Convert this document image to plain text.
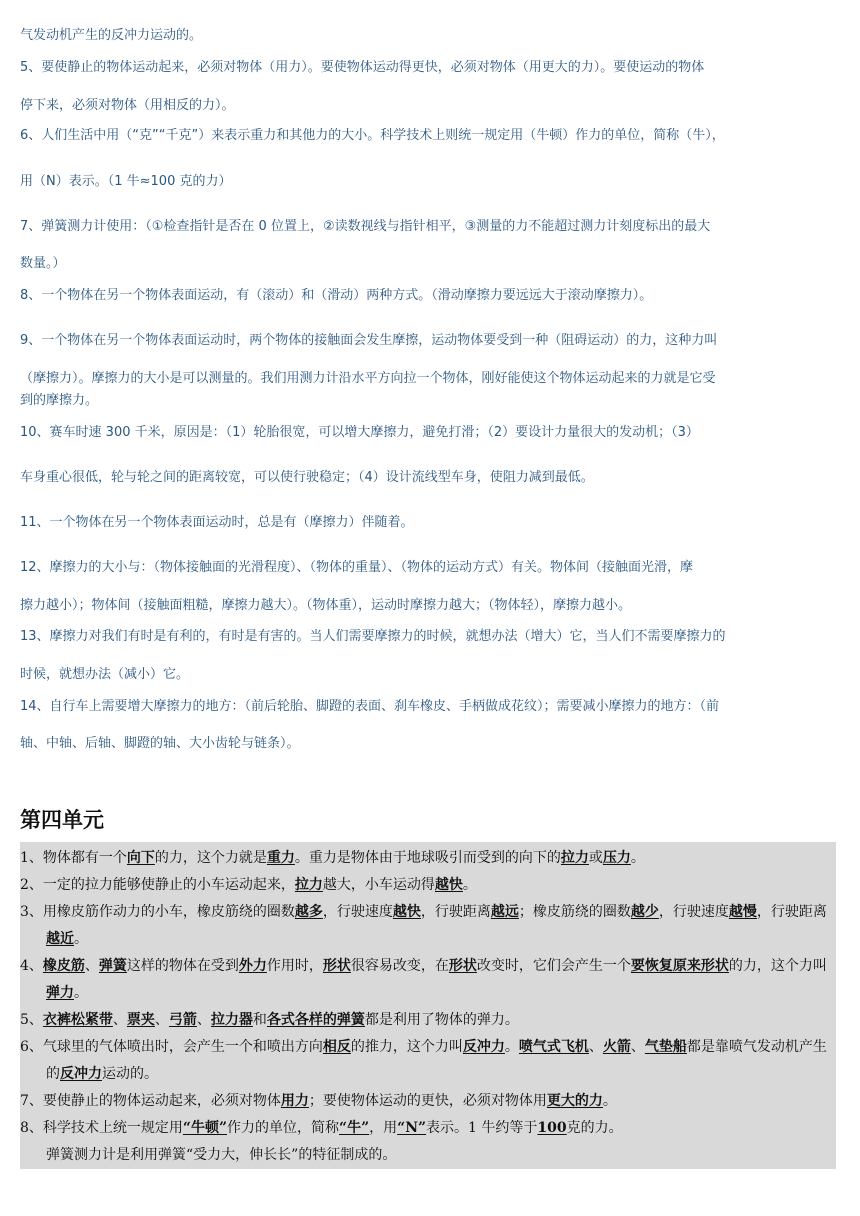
气发动机产生的反冲力运动的。

5、要使静止的物体运动起来，必须对物体（用力）。要使物体运动得更快，必须对物体（用更大的力）。要使运动的物体

停下来，必须对物体（用相反的力）。

6、人们生活中用（“克”“千克”）来表示重力和其他力的大小。科学技术上则统一规定用（牛顿）作力的单位，简称（牛），

用（N）表示。（1 牛≈100 克的力）

7、弹簧测力计使用：（①检查指针是否在 0 位置上，②读数视线与指针相平，③测量的力不能超过测力计刻度标出的最大

数量。）

8、一个物体在另一个物体表面运动，有（滚动）和（滑动）两种方式。（滑动摩擦力要远远大于滚动摩擦力）。

9、一个物体在另一个物体表面运动时，两个物体的接触面会发生摩擦，运动物体要受到一种（阻碍运动）的力，这种力叫

（摩擦力）。摩擦力的大小是可以测量的。我们用测力计沿水平方向拉一个物体，刚好能使这个物体运动起来的力就是它受

到的摩擦力。

10、赛车时速 300 千米，原因是：（1）轮胎很宽，可以增大摩擦力，避免打滑；（2）要设计力量很大的发动机；（3）

车身重心很低，轮与轮之间的距离较宽，可以使行驶稳定；（4）设计流线型车身，使阻力减到最低。

11、一个物体在另一个物体表面运动时，总是有（摩擦力）伴随着。

12、摩擦力的大小与：（物体接触面的光滑程度）、（物体的重量）、（物体的运动方式）有关。物体间（接触面光滑，摩

擦力越小）；物体间（接触面粗糙，摩擦力越大）。（物体重），运动时摩擦力越大；（物体轻），摩擦力越小。

13、摩擦力对我们有时是有利的，有时是有害的。当人们需要摩擦力的时候，就想办法（增大）它，当人们不需要摩擦力的

时候，就想办法（减小）它。

14、自行车上需要增大摩擦力的地方：（前后轮胎、脚蹬的表面、刹车橡皮、手柄做成花纹）；需要减小摩擦力的地方：（前

轴、中轴、后轴、脚蹬的轴、大小齿轮与链条）。

第四单元

1、物体都有一个向下的力，这个力就是重力。重力是物体由于地球吸引而受到的向下的拉力或压力。

2、一定的拉力能够使静止的小车运动起来，拉力越大，小车运动得越快。

3、用橡皮筋作动力的小车，橡皮筋绕的圈数越多，行驶速度越快，行驶距离越远；橡皮筋绕的圈数越少，行驶速度越慢，行驶距离越近。

4、橡皮筋、弹簧这样的物体在受到外力作用时，形状很容易改变，在形状改变时，它们会产生一个要恢复原来形状的力，这个力叫弹力。

5、衣裤松紧带、票夹、弓箭、拉力器和各式各样的弹簧都是利用了物体的弹力。

6、气球里的气体喷出时，会产生一个和喷出方向相反的推力，这个力叫反冲力。喷气式飞机、火箭、气垫船都是靠喷气发动机产生的反冲力运动的。

7、要使静止的物体运动起来，必须对物体用力；要使物体运动的更快，必须对物体用更大的力。

8、科学技术上统一规定用“牛顿”作力的单位，简称“牛”，用“N”表示。1 牛约等于100克的力。

弹簧测力计是利用弹簧“受力大，伸长长”的特征制成的。
